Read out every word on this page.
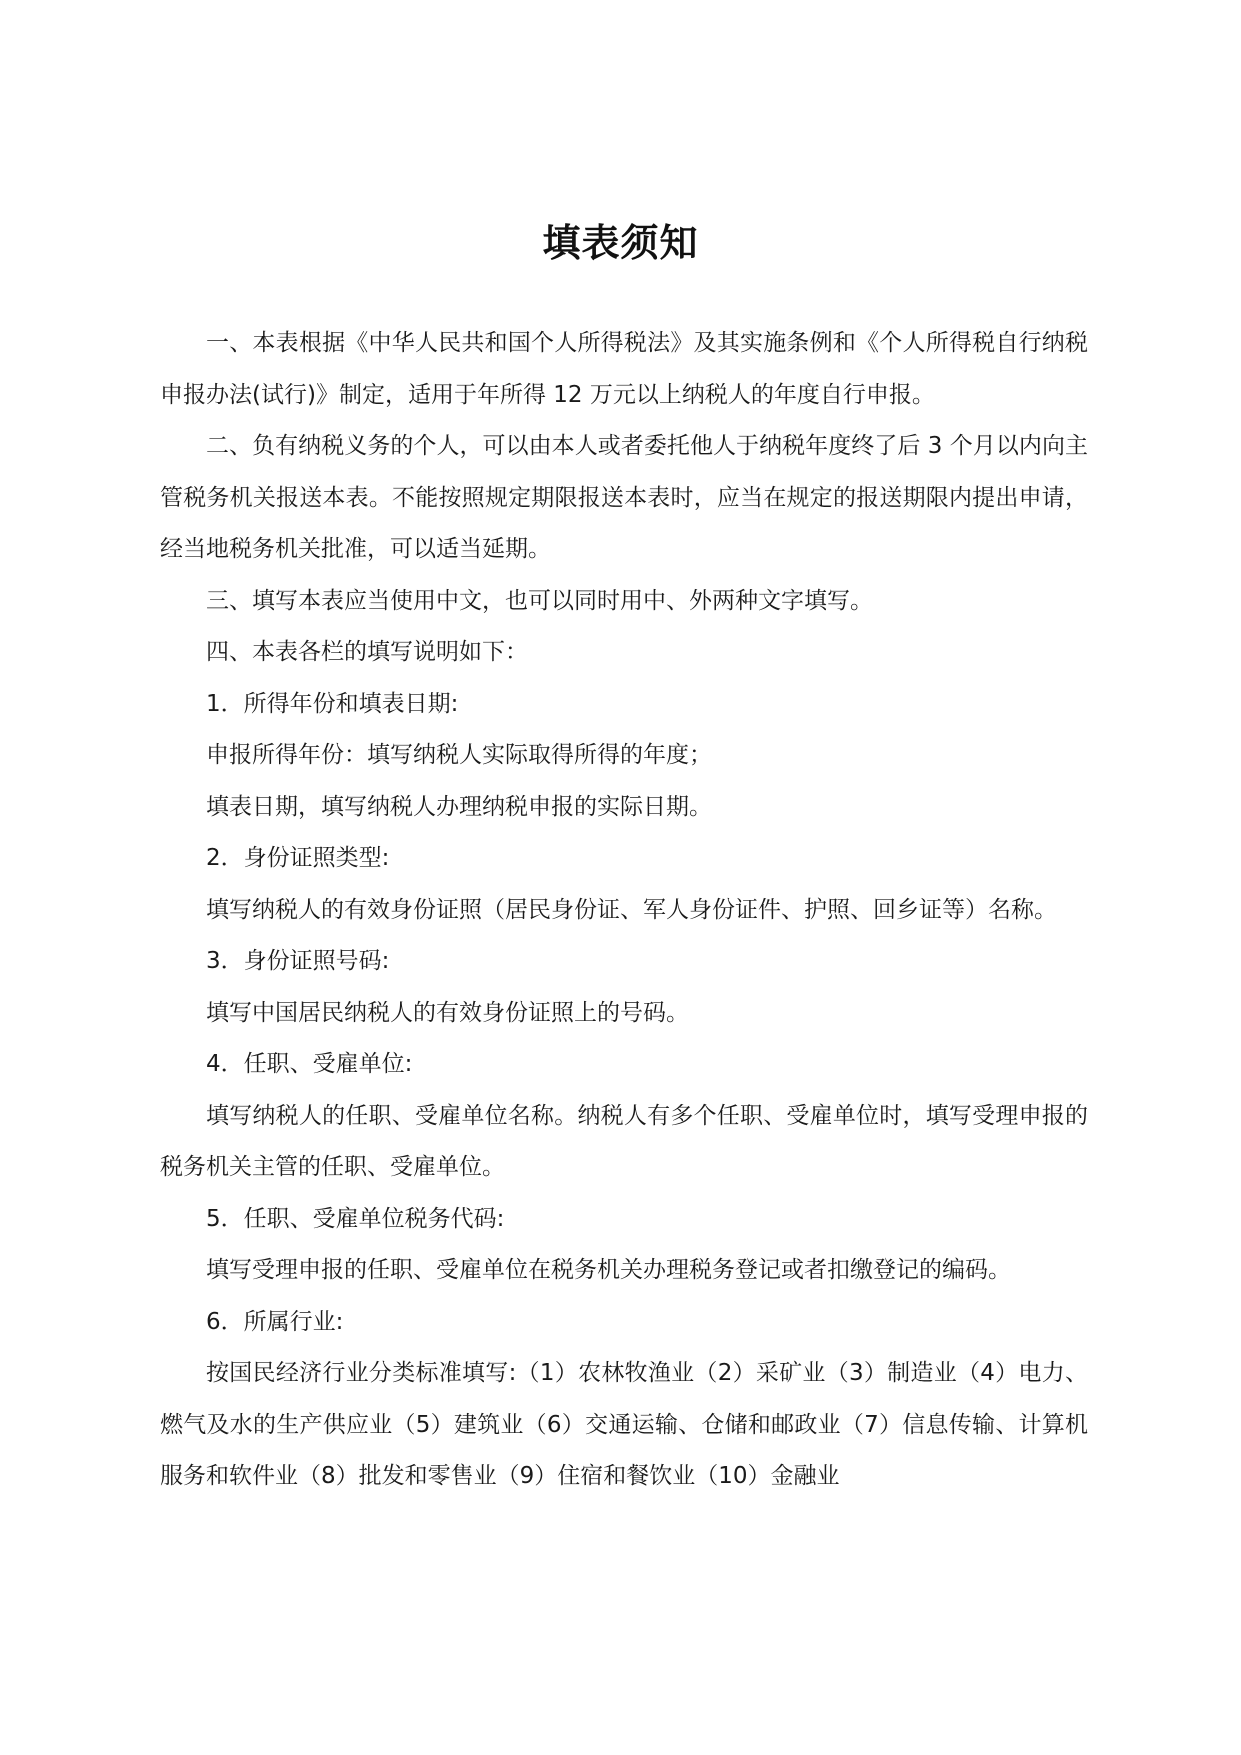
填表须知

一、本表根据《中华人民共和国个人所得税法》及其实施条例和《个人所得税自行纳税申报办法(试行)》制定，适用于年所得 12 万元以上纳税人的年度自行申报。

二、负有纳税义务的个人，可以由本人或者委托他人于纳税年度终了后 3 个月以内向主管税务机关报送本表。不能按照规定期限报送本表时，应当在规定的报送期限内提出申请，经当地税务机关批准，可以适当延期。

三、填写本表应当使用中文，也可以同时用中、外两种文字填写。

四、本表各栏的填写说明如下：

1．所得年份和填表日期:

申报所得年份：填写纳税人实际取得所得的年度；

填表日期，填写纳税人办理纳税申报的实际日期。

2．身份证照类型:

填写纳税人的有效身份证照（居民身份证、军人身份证件、护照、回乡证等）名称。

3．身份证照号码:

填写中国居民纳税人的有效身份证照上的号码。

4．任职、受雇单位:

填写纳税人的任职、受雇单位名称。纳税人有多个任职、受雇单位时，填写受理申报的税务机关主管的任职、受雇单位。

5．任职、受雇单位税务代码:

填写受理申报的任职、受雇单位在税务机关办理税务登记或者扣缴登记的编码。

6．所属行业:

按国民经济行业分类标准填写:（1）农林牧渔业（2）采矿业（3）制造业（4）电力、燃气及水的生产供应业（5）建筑业（6）交通运输、仓储和邮政业（7）信息传输、计算机服务和软件业（8）批发和零售业（9）住宿和餐饮业（10）金融业
